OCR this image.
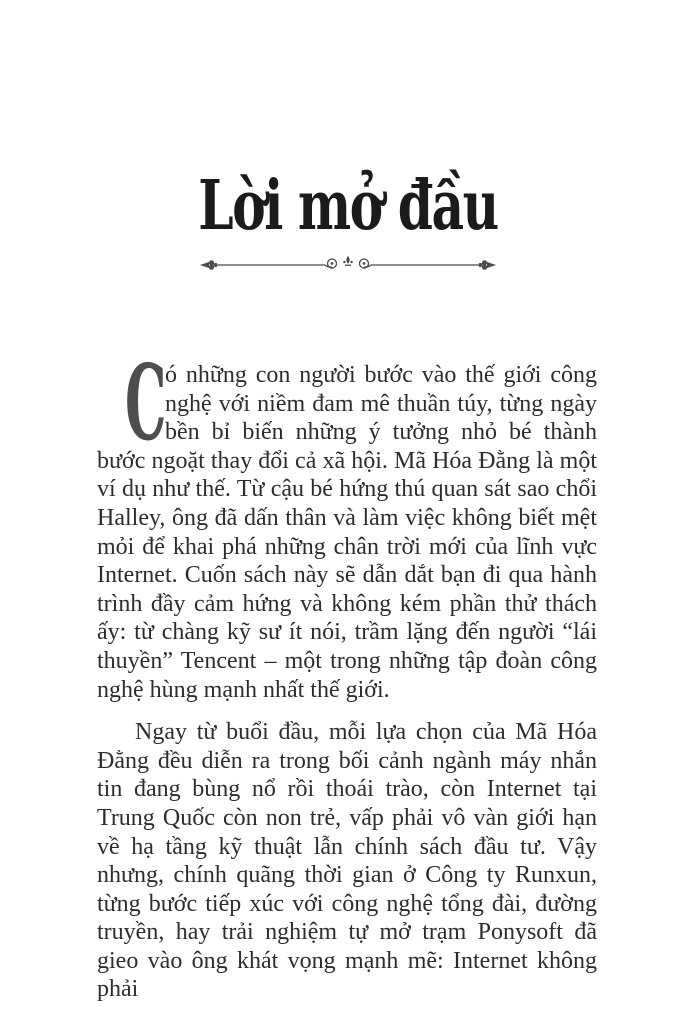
Lời mở đầu

C
ó những con người bước vào thế giới công nghệ với niềm đam mê thuần túy, từng ngày bền bỉ biến những ý tưởng nhỏ bé thành bước ngoặt thay đổi cả xã hội. Mã Hóa Đằng là một ví dụ như thế. Từ cậu bé hứng thú quan sát sao chổi Halley, ông đã dấn thân và làm việc không biết mệt mỏi để khai phá những chân trời mới của lĩnh vực Internet. Cuốn sách này sẽ dẫn dắt bạn đi qua hành trình đầy cảm hứng và không kém phần thử thách ấy: từ chàng kỹ sư ít nói, trầm lặng đến người “lái thuyền” Tencent – một trong những tập đoàn công nghệ hùng mạnh nhất thế giới.

Ngay từ buổi đầu, mỗi lựa chọn của Mã Hóa Đằng đều diễn ra trong bối cảnh ngành máy nhắn tin đang bùng nổ rồi thoái trào, còn Internet tại Trung Quốc còn non trẻ, vấp phải vô vàn giới hạn về hạ tầng kỹ thuật lẫn chính sách đầu tư. Vậy nhưng, chính quãng thời gian ở Công ty Runxun, từng bước tiếp xúc với công nghệ tổng đài, đường truyền, hay trải nghiệm tự mở trạm Ponysoft đã gieo vào ông khát vọng mạnh mẽ: Internet không phải
